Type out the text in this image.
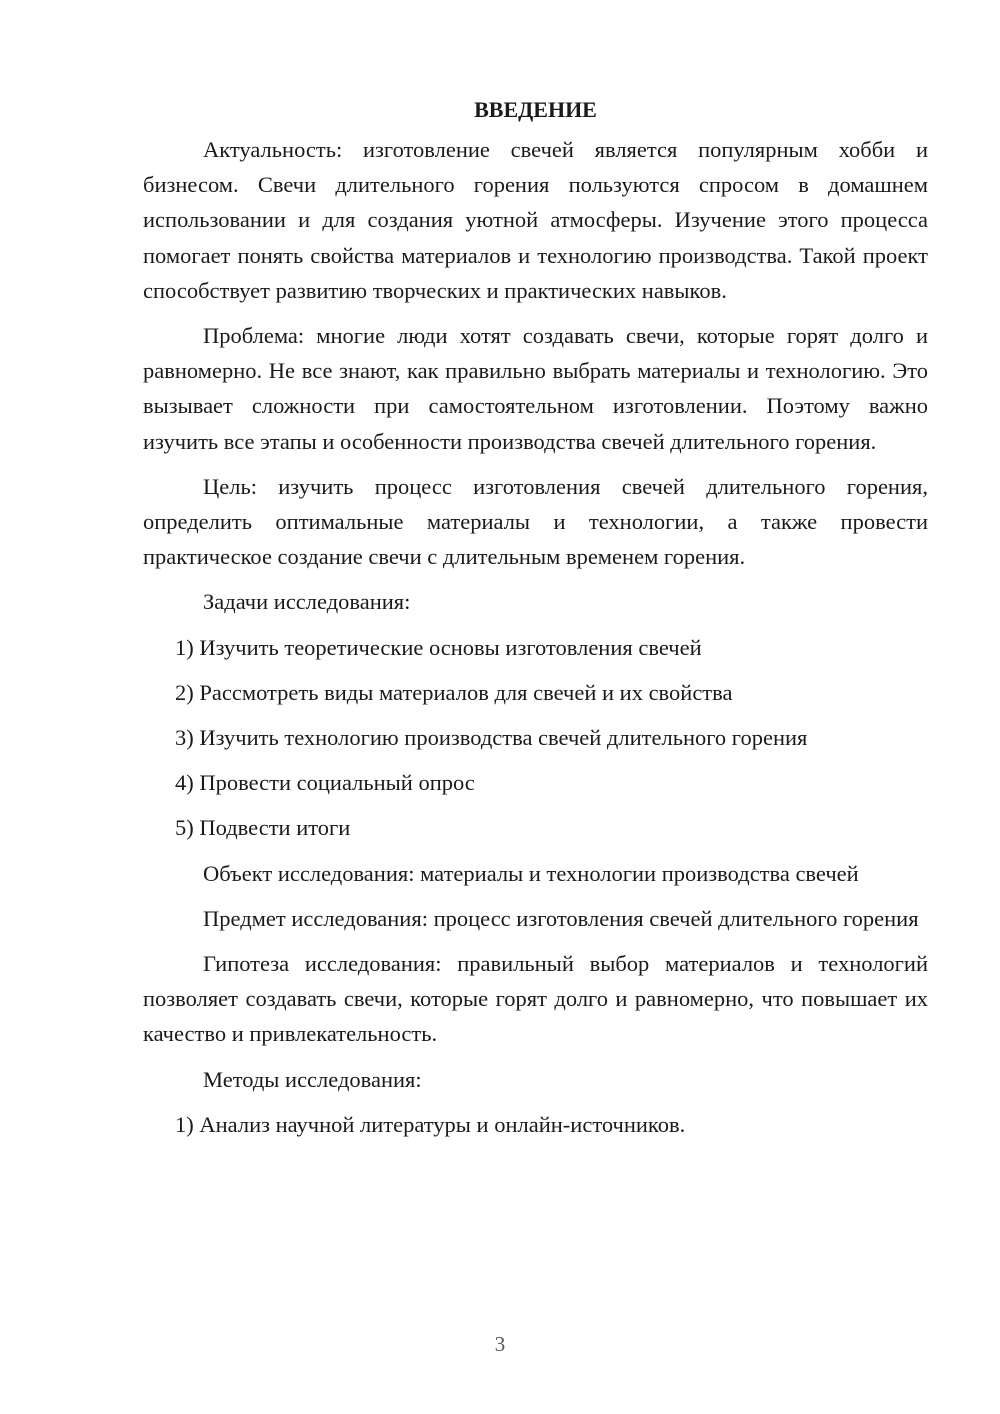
ВВЕДЕНИЕ

Актуальность: изготовление свечей является популярным хобби и бизнесом. Свечи длительного горения пользуются спросом в домашнем использовании и для создания уютной атмосферы. Изучение этого процесса помогает понять свойства материалов и технологию производства. Такой проект способствует развитию творческих и практических навыков.

Проблема: многие люди хотят создавать свечи, которые горят долго и равномерно. Не все знают, как правильно выбрать материалы и технологию. Это вызывает сложности при самостоятельном изготовлении. Поэтому важно изучить все этапы и особенности производства свечей длительного горения.

Цель: изучить процесс изготовления свечей длительного горения, определить оптимальные материалы и технологии, а также провести практическое создание свечи с длительным временем горения.

Задачи исследования:

1) Изучить теоретические основы изготовления свечей
2) Рассмотреть виды материалов для свечей и их свойства
3) Изучить технологию производства свечей длительного горения
4) Провести социальный опрос
5) Подвести итоги

Объект исследования: материалы и технологии производства свечей

Предмет исследования: процесс изготовления свечей длительного горения

Гипотеза исследования: правильный выбор материалов и технологий позволяет создавать свечи, которые горят долго и равномерно, что повышает их качество и привлекательность.

Методы исследования:

1) Анализ научной литературы и онлайн-источников.
3
